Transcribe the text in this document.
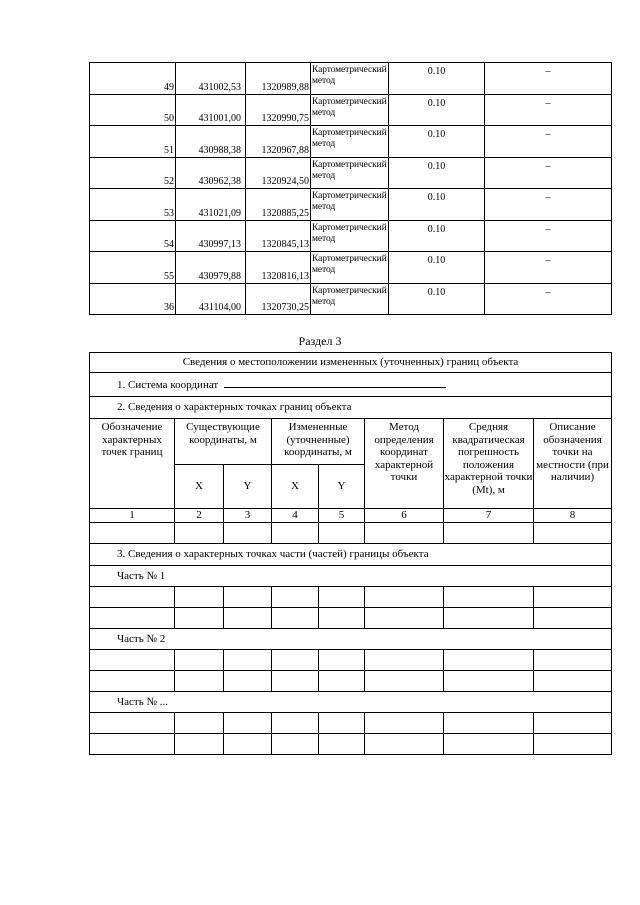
49	431002,53	1320989,88	Картометрический метод	0.10	–
50	431001,00	1320990,75	Картометрический метод	0.10	–
51	430988,38	1320967,88	Картометрический метод	0.10	–
52	430962,38	1320924,50	Картометрический метод	0.10	–
53	431021,09	1320885,25	Картометрический метод	0.10	–
54	430997,13	1320845,13	Картометрический метод	0.10	–
55	430979,88	1320816,13	Картометрический метод	0.10	–
36	431104,00	1320730,25	Картометрический метод	0.10	–
Раздел 3
Сведения о местоположении измененных (уточненных) границ объекта							
1. Система координат							
2. Сведения о характерных точках границ объекта							
Обозначение характерных точек границ	Существующие координаты, м		Измененные (уточненные) координаты, м		Метод определения координат характерной точки	Средняя квадратическая погрешность положения характерной точки (Мt), м	Описание обозначения точки на местности (при наличии)
	X	Y	X	Y			
1	2	3	4	5	6	7	8

3. Сведения о характерных точках части (частей) границы объекта							
Часть № 1							

Часть № 2							

Часть № ...							
